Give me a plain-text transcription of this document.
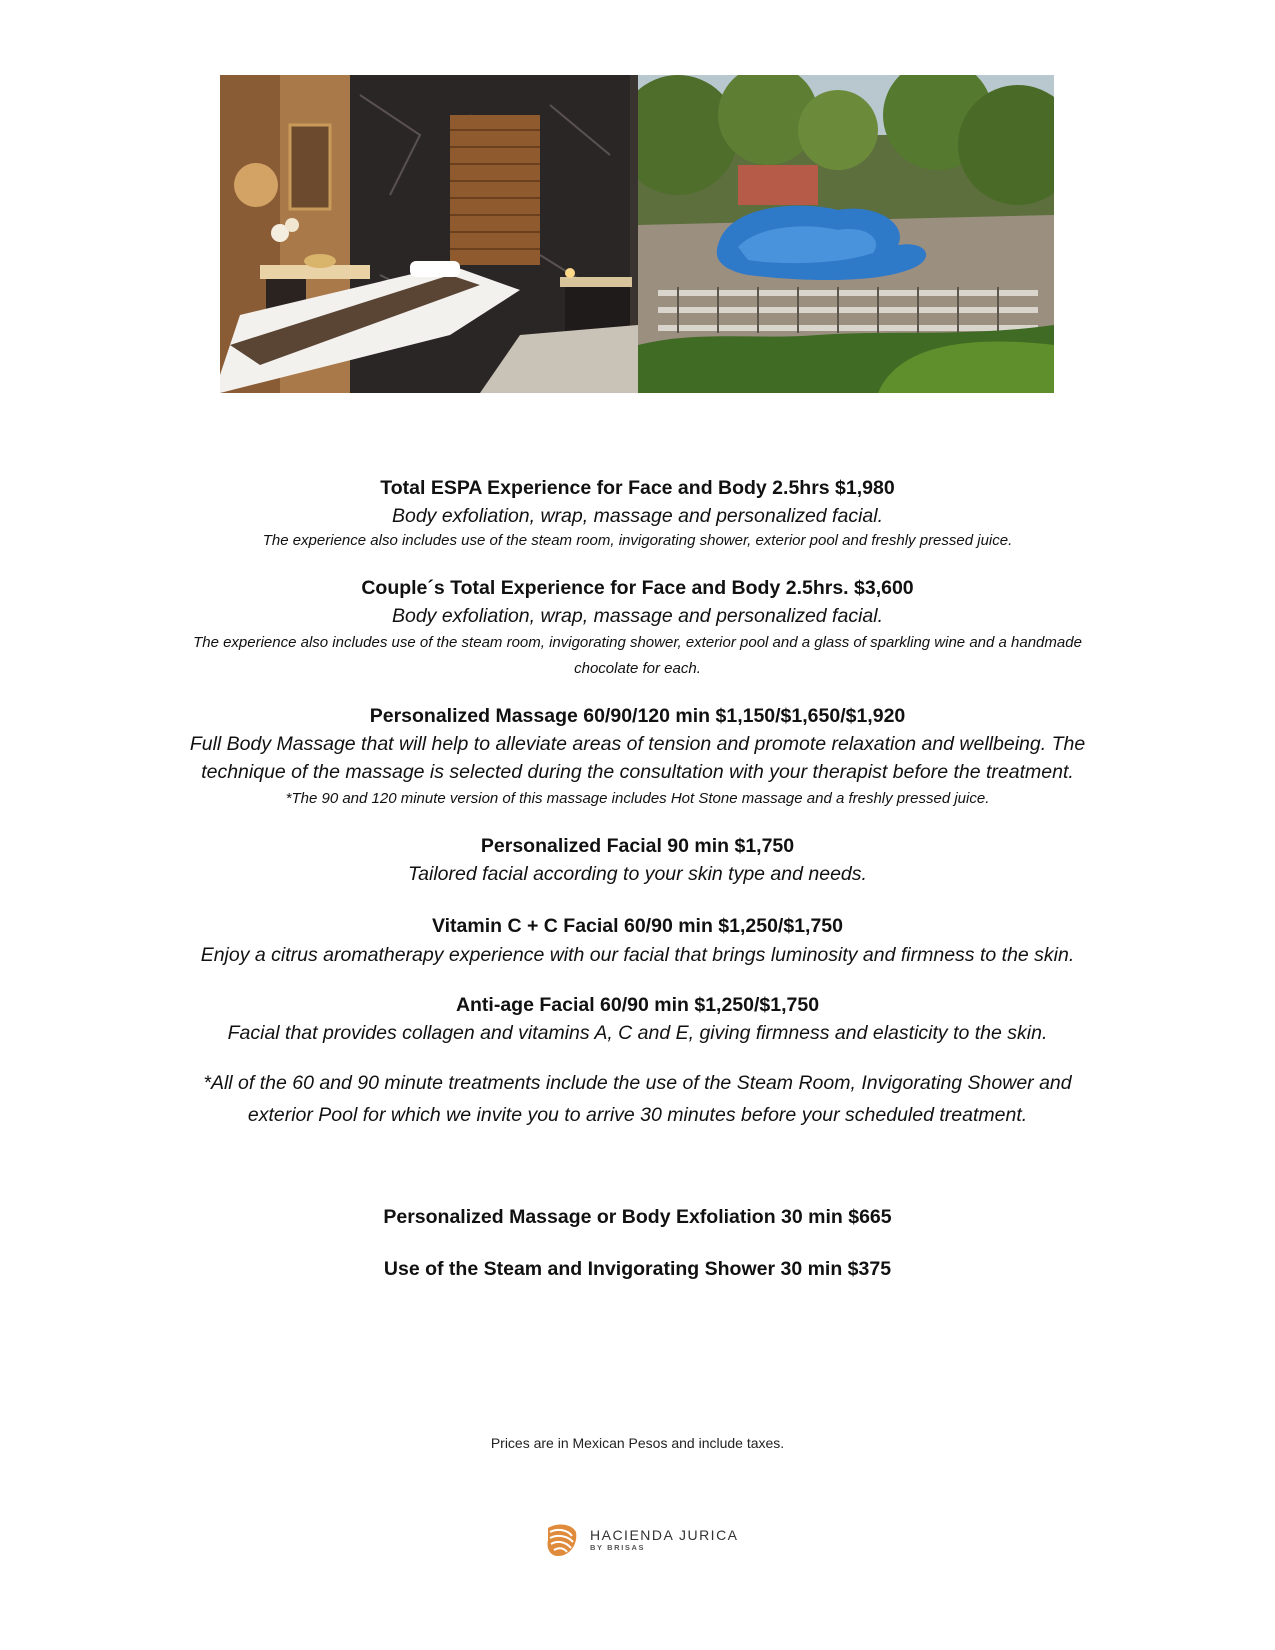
Total ESPA Experience for Face and Body 2.5hrs $1,980
Body exfoliation, wrap, massage and personalized facial.
The experience also includes use of the steam room, invigorating shower, exterior pool and freshly pressed juice.
Couple´s Total Experience for Face and Body 2.5hrs. $3,600
Body exfoliation, wrap, massage and personalized facial.
The experience also includes use of the steam room, invigorating shower, exterior pool and a glass of sparkling wine and a handmade chocolate for each.
Personalized Massage 60/90/120 min $1,150/$1,650/$1,920
Full Body Massage that will help to alleviate areas of tension and promote relaxation and wellbeing. The technique of the massage is selected during the consultation with your therapist before the treatment.
*The 90 and 120 minute version of this massage includes Hot Stone massage and a freshly pressed juice.
Personalized Facial 90 min $1,750
Tailored facial according to your skin type and needs.
Vitamin C + C Facial 60/90 min $1,250/$1,750
Enjoy a citrus aromatherapy experience with our facial that brings luminosity and firmness to the skin.
Anti-age Facial 60/90 min $1,250/$1,750
Facial that provides collagen and vitamins A, C and E, giving firmness and elasticity to the skin.
*All of the 60 and 90 minute treatments include the use of the Steam Room, Invigorating Shower and exterior Pool for which we invite you to arrive 30 minutes before your scheduled treatment.
Personalized Massage or Body Exfoliation 30 min $665
Use of the Steam and Invigorating Shower 30 min $375
Prices are in Mexican Pesos and include taxes.
HACIENDA JURICA
BY BRISAS
